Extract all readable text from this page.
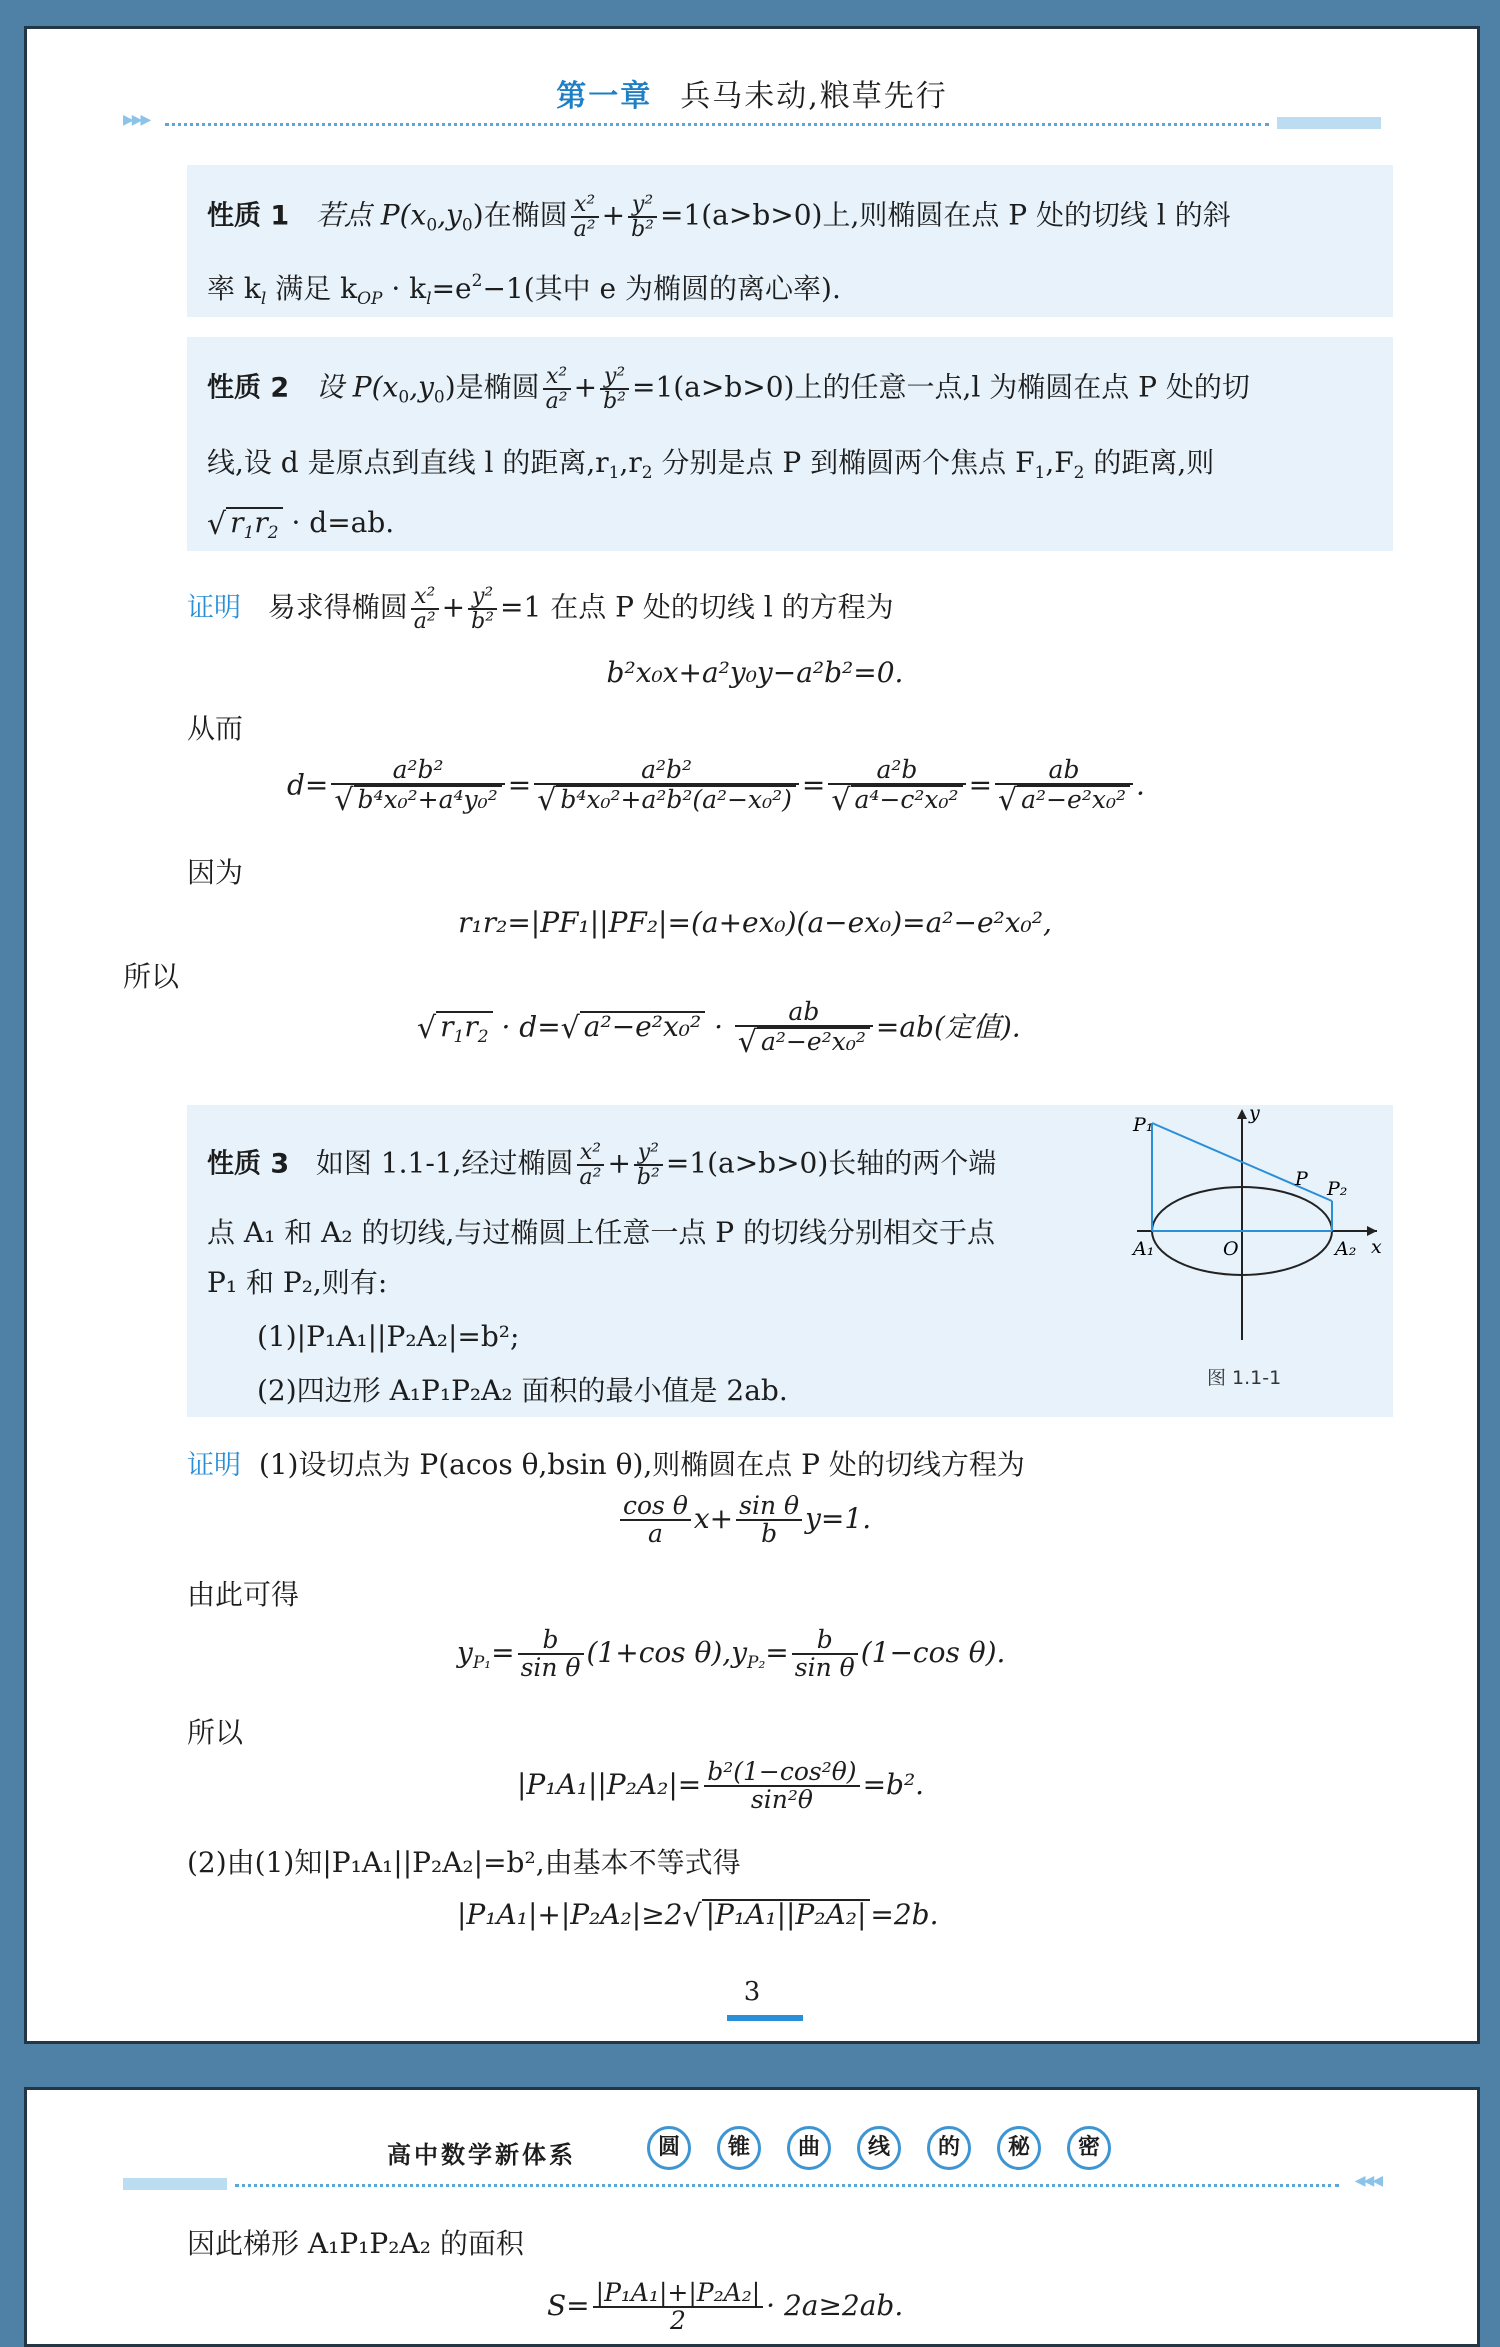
第一章 兵马未动,粮草先行
▶▶▶
性质 1 若点 $P(x_0,y_0)$在椭圆 $\frac{\text{x²}}{\text{a²}} + \frac{\text{y²}}{\text{b²}} =1(a>b>0)$上,则椭圆在点 P 处的切线 l 的斜
率 $k_l$ 满足 $k_{OP} \cdot k_l=e^2-1$(其中 e 为椭圆的离心率).
性质 2 设 $P(x_0,y_0)$是椭圆 $\frac{\text{x²}}{\text{a²}} + \frac{\text{y²}}{\text{b²}} =1(a>b>0)$上的任意一点,l 为椭圆在点 P 处的切
线,设 d 是原点到直线 l 的距离$,r_1,r_2$ 分别是点 P 到椭圆两个焦点 $F_1,F_2$ 的距离,则
√ $r_1r_2 \cdot d=ab$.
证明 易求得椭圆 $\frac{\text{x²}}{\text{a²}} + \frac{\text{y²}}{\text{b²}} =1$ 在点 P 处的切线 l 的方程为
b²x₀x+a²y₀y−a²b²=0.
从而
$d= \frac{\text{a²b²}}{\text{√ b⁴x₀²+a⁴y₀²}} = \frac{\text{a²b²}}{\text{√ b⁴x₀²+a²b²(a²−x₀²)}} = \frac{\text{a²b}}{\text{√ a⁴−c²x₀²}} = \frac{ab}{\text{√ a²−e²x₀²}}$ .
因为
r₁r₂=|PF₁||PF₂|=(a+ex₀)(a−ex₀)=a²−e²x₀²,
所以
√ $r_1r_2 \cdot d=√$ $a^2-e^2x_0^2 \cdot \frac{ab}{\text{√ a²−e²x₀²}} =ab$(定值).
性质 3 如图 1.1-1,经过椭圆 $\frac{\text{x²}}{\text{a²}} + \frac{\text{y²}}{\text{b²}} =1(a>b>0)$长轴的两个端
点 A₁ 和 A₂ 的切线,与过椭圆上任意一点 P 的切线分别相交于点
P₁ 和 P₂,则有:
(1)|P₁A₁||P₂A₂|=b²;
(2)四边形 A₁P₁P₂A₂ 面积的最小值是 2ab.
P₁
y
P P₂
A₁	O	A₂ x
图 1.1-1
证明 (1)设切点为 P(acos θ,bsin θ),则椭圆在点 P 处的切线方程为
$\frac{\text{cos θ}}{a} x+ \frac{\text{sin θ}}{b} y=1$.
由此可得
$y_{P_1}= \frac{b}{\text{sin θ}} (1+\cos$ $\theta),y_{P_2}= \frac{b}{\text{sin θ}} (1-\cos$ θ).
所以
$|P_1A_1||P_2A_2|= \frac{\text{b²(1−cos²θ)}}{\text{sin²θ}} =b^2$.
(2)由(1)知|P₁A₁||P₂A₂|=b²,由基本不等式得
|P₁A₁|+|P₂A₂|≥2√ |P₁A₁||P₂A₂| =2b.
3
高中数学新体系	圆	锥	曲	线	的	秘	密
◀◀◀
因此梯形 A₁P₁P₂A₂ 的面积
$S= \frac{\text{|P₁A₁|+|P₂A₂|}}{2} \cdot 2a\ge 2ab$.
